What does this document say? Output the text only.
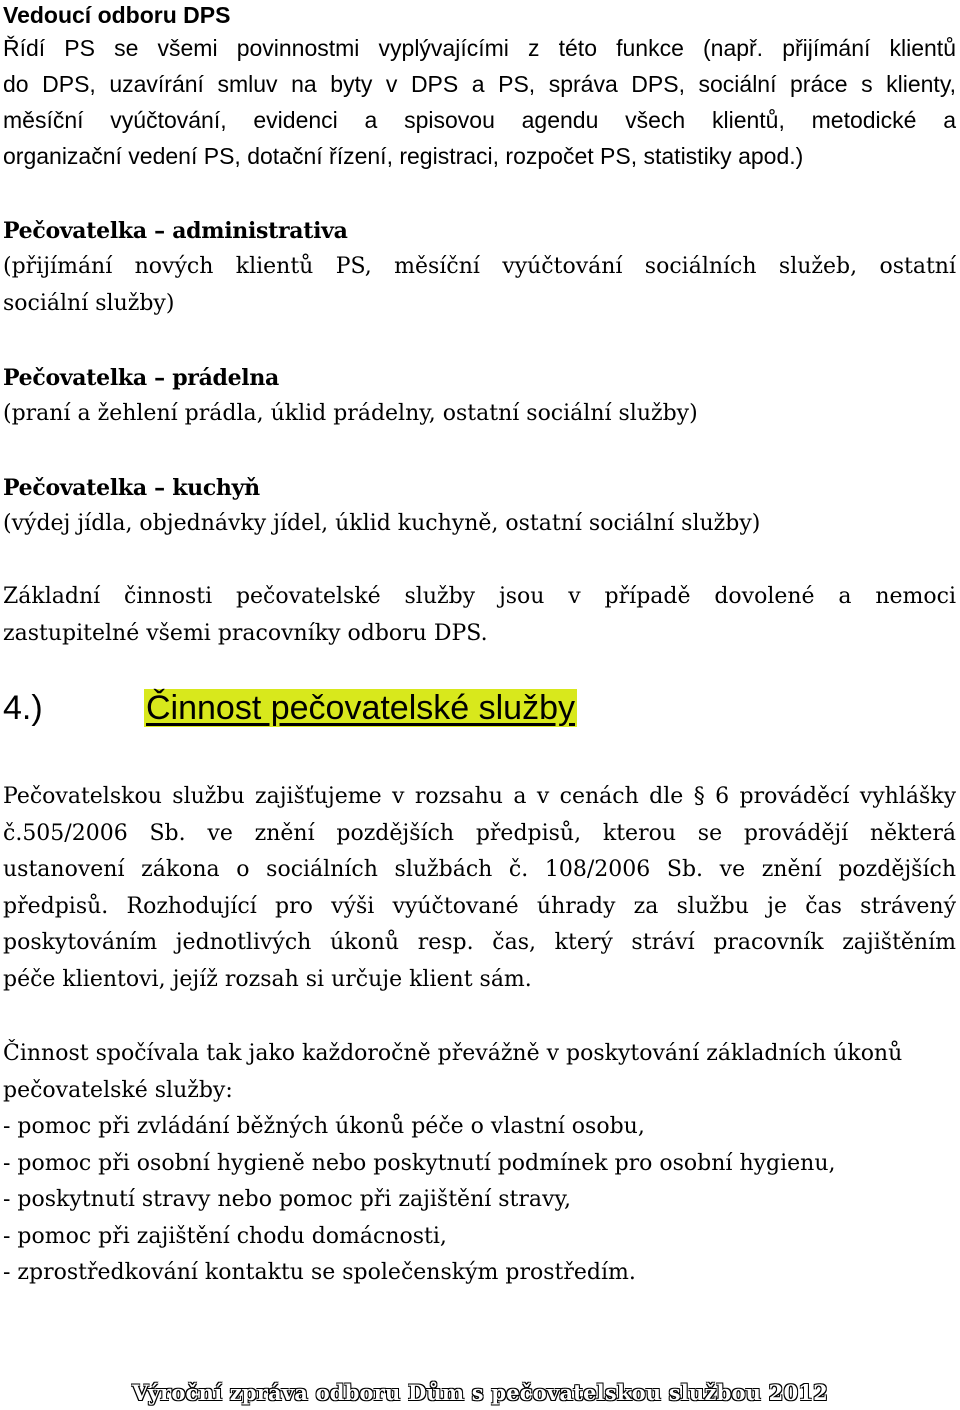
Vedoucí odboru DPS
Řídí PS se všemi povinnostmi vyplývajícími z této funkce (např. přijímání klientů
do DPS, uzavírání smluv na byty v DPS a PS, správa DPS, sociální práce s klienty,
měsíční vyúčtování, evidenci a spisovou agendu všech klientů, metodické a
organizační vedení PS, dotační řízení, registraci, rozpočet PS, statistiky apod.)
Pečovatelka – administrativa
(přijímání nových klientů PS, měsíční vyúčtování sociálních služeb, ostatní
sociální služby)
Pečovatelka – prádelna
(praní a žehlení prádla, úklid prádelny, ostatní sociální služby)
Pečovatelka – kuchyň
(výdej jídla, objednávky jídel, úklid kuchyně, ostatní sociální služby)
Základní činnosti pečovatelské služby jsou v případě dovolené a nemoci
zastupitelné všemi pracovníky odboru DPS.
4.)	Činnost pečovatelské služby
Pečovatelskou službu zajišťujeme v rozsahu a v cenách dle § 6 prováděcí vyhlášky
č.505/2006 Sb. ve znění pozdějších předpisů, kterou se provádějí některá
ustanovení zákona o sociálních službách č. 108/2006 Sb. ve znění pozdějších
předpisů. Rozhodující pro výši vyúčtované úhrady za službu je čas strávený
poskytováním jednotlivých úkonů resp. čas, který stráví pracovník zajištěním
péče klientovi, jejíž rozsah si určuje klient sám.
Činnost spočívala tak jako každoročně převážně v poskytování základních úkonů
pečovatelské služby:
- pomoc při zvládání běžných úkonů péče o vlastní osobu,
- pomoc při osobní hygieně nebo poskytnutí podmínek pro osobní hygienu,
- poskytnutí stravy nebo pomoc při zajištění stravy,
- pomoc při zajištění chodu domácnosti,
- zprostředkování kontaktu se společenským prostředím.
Výroční zpráva odboru Dům s pečovatelskou službou 2012
